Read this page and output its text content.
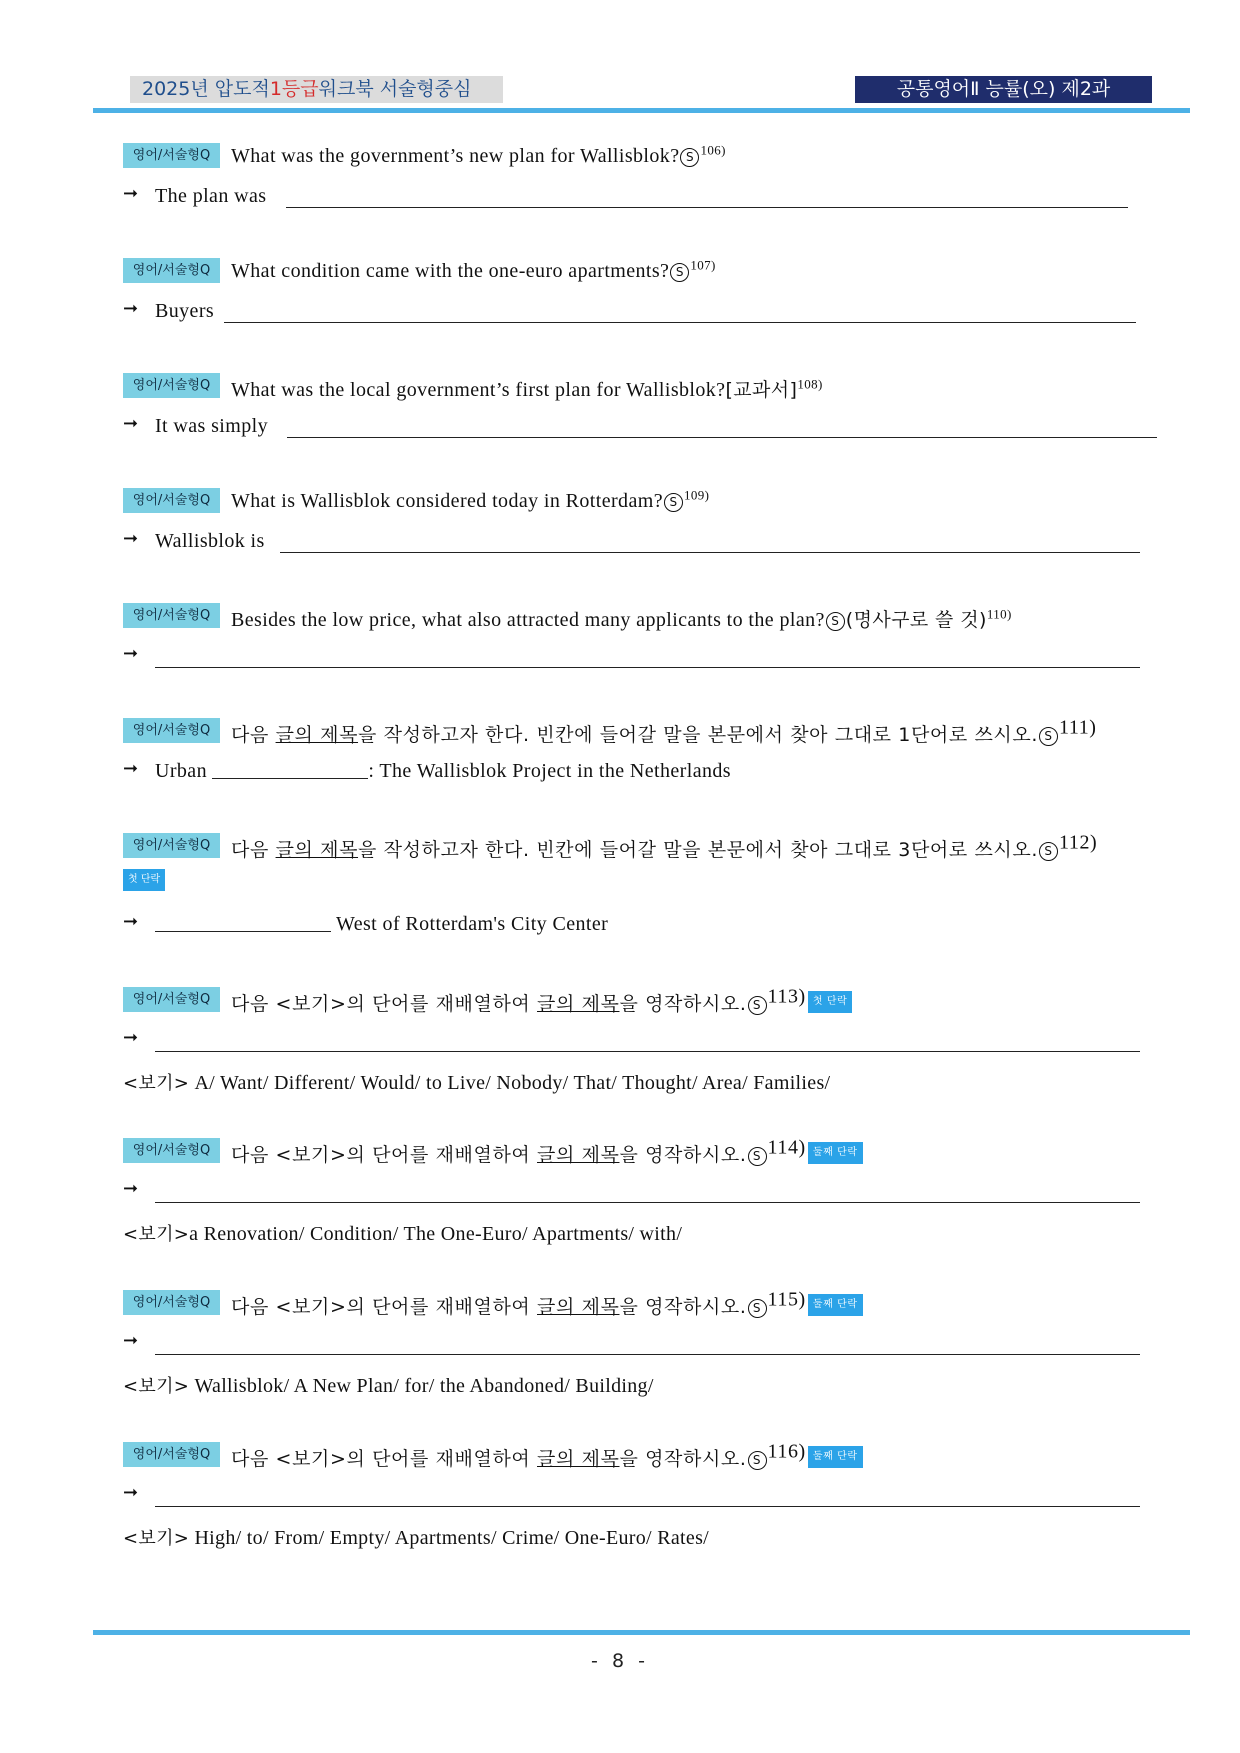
2025년 압도적1등급워크북 서술형중심	공통영어Ⅱ 능률(오) 제2과
영어/서술형Q	What was the government’s new plan for Wallisblok? S $^{106)}$
➞ The plan was
영어/서술형Q	What condition came with the one-euro apartments? S $^{107)}$
➞ Buyers
영어/서술형Q	What was the local government’s first plan for Wallisblok?[교과서]$^{108)}$
➞ It was simply
영어/서술형Q	What is Wallisblok considered today in Rotterdam? S $^{109)}$
➞ Wallisblok is
영어/서술형Q	Besides the low price, what also attracted many applicants to the plan? S (명사구로 쓸 것)$^{110)}$
➞
영어/서술형Q	다음 글의 제목을 작성하고자 한다. 빈칸에 들어갈 말을 본문에서 찾아 그대로 1단어로 쓰시오. S 111)
➞ Urban	: The Wallisblok Project in the Netherlands
영어/서술형Q	다음 글의 제목을 작성하고자 한다. 빈칸에 들어갈 말을 본문에서 찾아 그대로 3단어로 쓰시오. S 112)
첫 단락
➞	West of Rotterdam's City Center
영어/서술형Q	다음 <보기>의 단어를 재배열하여 글의 제목을 영작하시오. S 113) 첫 단락
➞
<보기> A/ Want/ Different/ Would/ to Live/ Nobody/ That/ Thought/ Area/ Families/
영어/서술형Q	다음 <보기>의 단어를 재배열하여 글의 제목을 영작하시오. S 114) 둘째 단락
➞
<보기>a Renovation/ Condition/ The One-Euro/ Apartments/ with/
영어/서술형Q	다음 <보기>의 단어를 재배열하여 글의 제목을 영작하시오. S 115) 둘째 단락
➞
<보기> Wallisblok/ A New Plan/ for/ the Abandoned/ Building/
영어/서술형Q	다음 <보기>의 단어를 재배열하여 글의 제목을 영작하시오. S 116) 둘째 단락
➞
<보기> High/ to/ From/ Empty/ Apartments/ Crime/ One-Euro/ Rates/
- 8 -
